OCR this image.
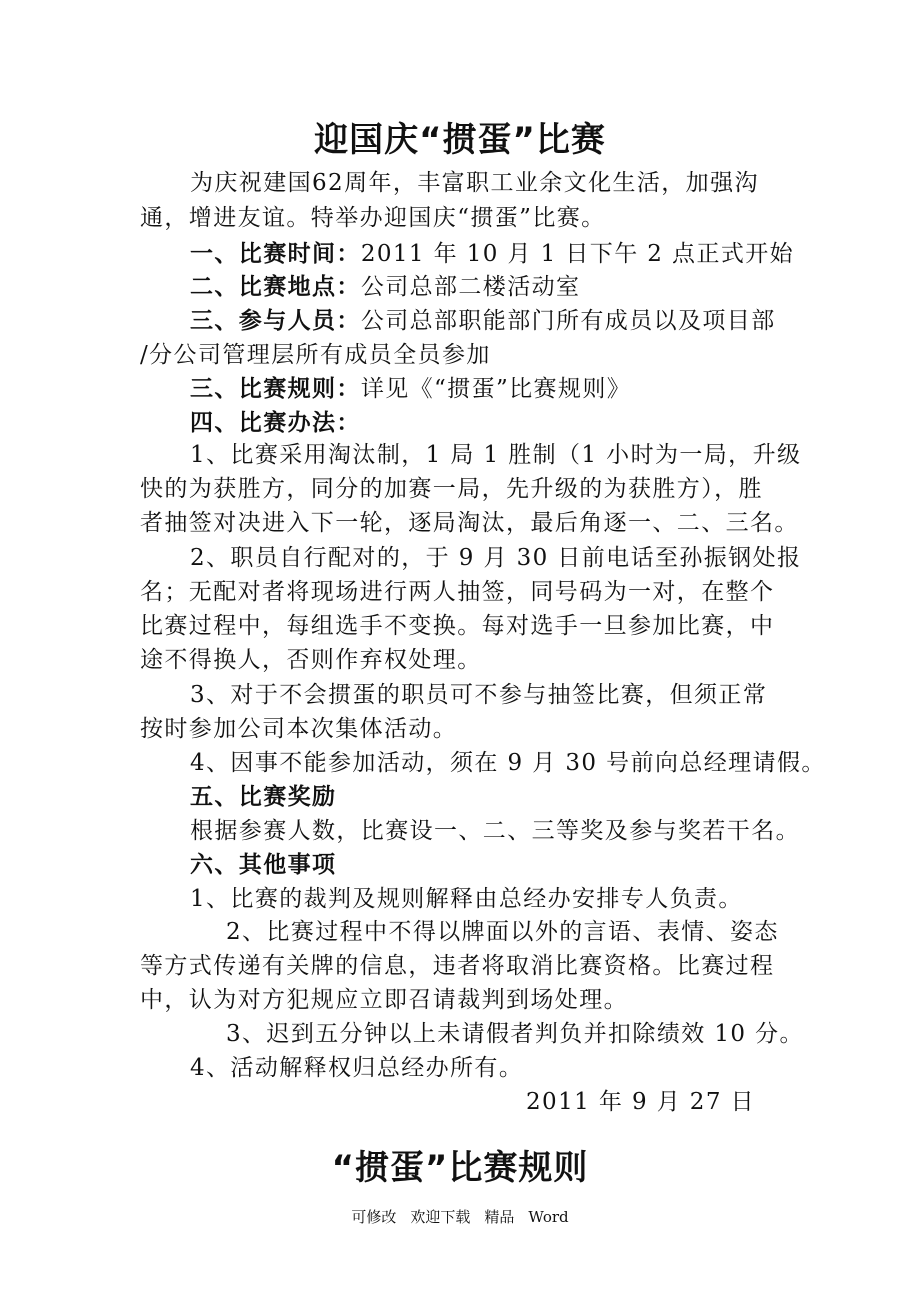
迎国庆“掼蛋”比赛
为庆祝建国62周年，丰富职工业余文化生活，加强沟
通，增进友谊。特举办迎国庆“掼蛋”比赛。
一、比赛时间：2011 年 10 月 1 日下午 2 点正式开始
二、比赛地点：公司总部二楼活动室
三、参与人员：公司总部职能部门所有成员以及项目部
/分公司管理层所有成员全员参加
三、比赛规则：详见《“掼蛋”比赛规则》
四、比赛办法：
1、比赛采用淘汰制，1 局 1 胜制（1 小时为一局，升级
快的为获胜方，同分的加赛一局，先升级的为获胜方），胜
者抽签对决进入下一轮，逐局淘汰，最后角逐一、二、三名。
2、职员自行配对的，于 9 月 30 日前电话至孙振钢处报
名；无配对者将现场进行两人抽签，同号码为一对，在整个
比赛过程中，每组选手不变换。每对选手一旦参加比赛，中
途不得换人，否则作弃权处理。
3、对于不会掼蛋的职员可不参与抽签比赛，但须正常
按时参加公司本次集体活动。
4、因事不能参加活动，须在 9 月 30 号前向总经理请假。
五、比赛奖励
根据参赛人数，比赛设一、二、三等奖及参与奖若干名。
六、其他事项
1、比赛的裁判及规则解释由总经办安排专人负责。
2、比赛过程中不得以牌面以外的言语、表情、姿态
等方式传递有关牌的信息，违者将取消比赛资格。比赛过程
中，认为对方犯规应立即召请裁判到场处理。
3、迟到五分钟以上未请假者判负并扣除绩效 10 分。
4、活动解释权归总经办所有。
2011 年 9 月 27 日
“掼蛋”比赛规则
可修改 欢迎下载 精品 Word
